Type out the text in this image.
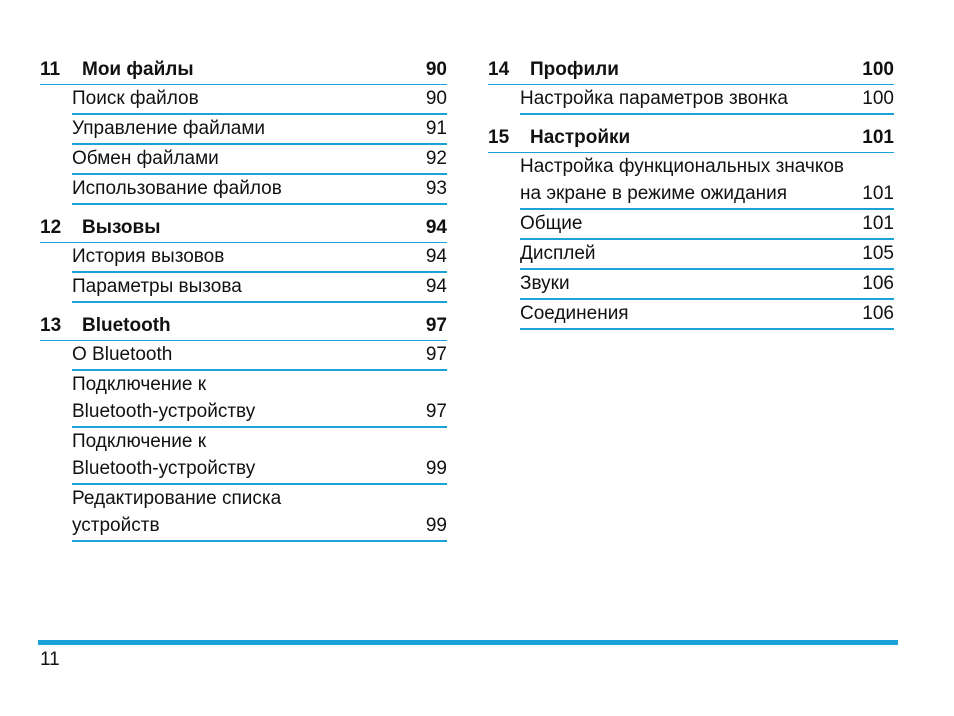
11	Мои файлы	90
Поиск файлов	90
Управление файлами	91
Обмен файлами	92
Использование файлов	93
12	Вызовы	94
История вызовов	94
Параметры вызова	94
13	Bluetooth	97
О Bluetooth	97
Подключение к
Bluetooth-устройству	97
Подключение к
Bluetooth-устройству	99
Редактирование списка
устройств	99
14	Профили	100
Настройка параметров звонка	100
15	Настройки	101
Настройка функциональных значков
на экране в режиме ожидания	101
Общие	101
Дисплей	105
Звуки	106
Соединения	106
11
